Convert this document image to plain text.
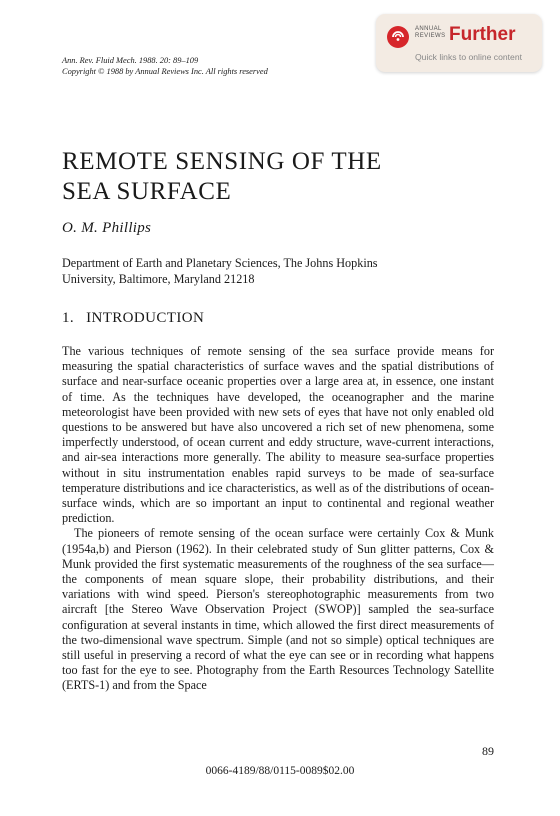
Ann. Rev. Fluid Mech. 1988. 20: 89–109
Copyright © 1988 by Annual Reviews Inc. All rights reserved
ANNUAL
REVIEWS Further
Quick links to online content
REMOTE SENSING OF THE
SEA SURFACE
O. M. Phillips
Department of Earth and Planetary Sciences, The Johns Hopkins
University, Baltimore, Maryland 21218
1. INTRODUCTION

The various techniques of remote sensing of the sea surface provide means for measuring the spatial characteristics of surface waves and the spatial distributions of surface and near-surface oceanic properties over a large area at, in essence, one instant of time. As the techniques have developed, the oceanographer and the marine meteorologist have been provided with new sets of eyes that have not only enabled old questions to be answered but have also uncovered a rich set of new phenomena, some imperfectly understood, of ocean current and eddy structure, wave-current interactions, and air-sea interactions more generally. The ability to measure sea-surface properties without in situ instrumentation enables rapid surveys to be made of sea-surface temperature distributions and ice characteristics, as well as of the distributions of ocean-surface winds, which are so important an input to continental and regional weather prediction.

The pioneers of remote sensing of the ocean surface were certainly Cox & Munk (1954a,b) and Pierson (1962). In their celebrated study of Sun glitter patterns, Cox & Munk provided the first systematic measurements of the roughness of the sea surface—the components of mean square slope, their probability distributions, and their variations with wind speed. Pierson's stereophotographic measurements from two aircraft [the Stereo Wave Observation Project (SWOP)] sampled the sea-surface configuration at several instants in time, which allowed the first direct measurements of the two-dimensional wave spectrum. Simple (and not so simple) optical techniques are still useful in preserving a record of what the eye can see or in recording what happens too fast for the eye to see. Photography from the Earth Resources Technology Satellite (ERTS-1) and from the Space

89
0066-4189/88/0115-0089$02.00
